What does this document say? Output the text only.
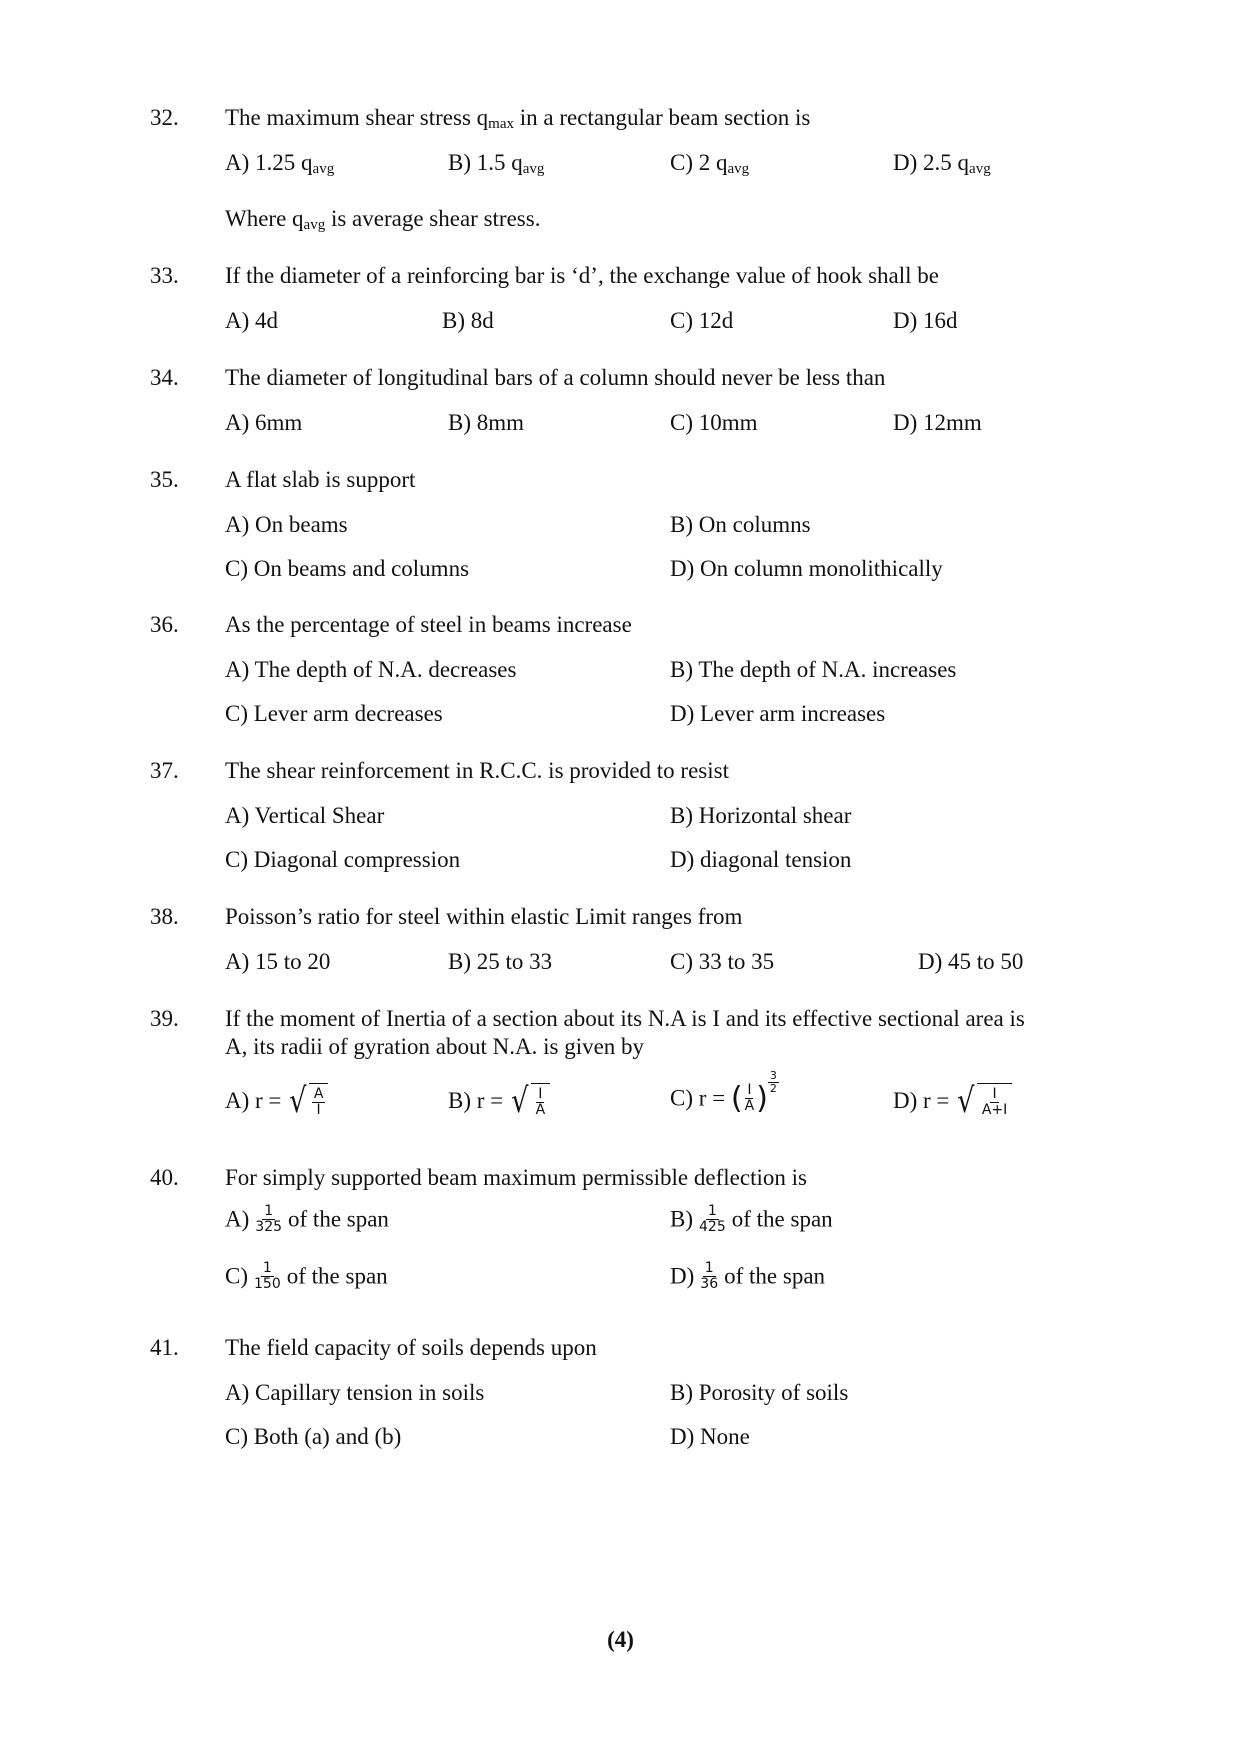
32. The maximum shear stress $q_{max}$ in a rectangular beam section is
A) 1.25 $q_{avg}$	B) 1.5 $q_{avg}$	C) 2 $q_{avg}$	D) 2.5 $q_{avg}$
Where $q_{avg}$ is average shear stress.
33. If the diameter of a reinforcing bar is ‘d’, the exchange value of hook shall be
A) 4d	B) 8d	C) 12d	D) 16d
34. The diameter of longitudinal bars of a column should never be less than
A) 6mm	B) 8mm	C) 10mm	D) 12mm
35. A flat slab is support
A) On beams	B) On columns
C) On beams and columns	D) On column monolithically
36. As the percentage of steel in beams increase
A) The depth of N.A. decreases	B) The depth of N.A. increases
C) Lever arm decreases	D) Lever arm increases
37. The shear reinforcement in R.C.C. is provided to resist
A) Vertical Shear	B) Horizontal shear
C) Diagonal compression	D) diagonal tension
38. Poisson’s ratio for steel within elastic Limit ranges from
A) 15 to 20	B) 25 to 33	C) 33 to 35	D) 45 to 50
39. If the moment of Inertia of a section about its N.A is I and its effective sectional area is
A, its radii of gyration about N.A. is given by
A) r = √ $\frac{A}{I}$	B) r = √ $\frac{I}{A}$	C) r = ( $\frac{I}{A}$ ) $\frac{3}{2}$
D) r = √ $\frac{I}{A+I}$
40. For simply supported beam maximum permissible deflection is
$A) \frac{1}{325}$ of the span	$B) \frac{1}{425}$ of the span
$C) \frac{1}{150}$ of the span	$D) \frac{1}{36}$ of the span
41. The field capacity of soils depends upon
A) Capillary tension in soils	B) Porosity of soils
C) Both (a) and (b)	D) None
(4)
